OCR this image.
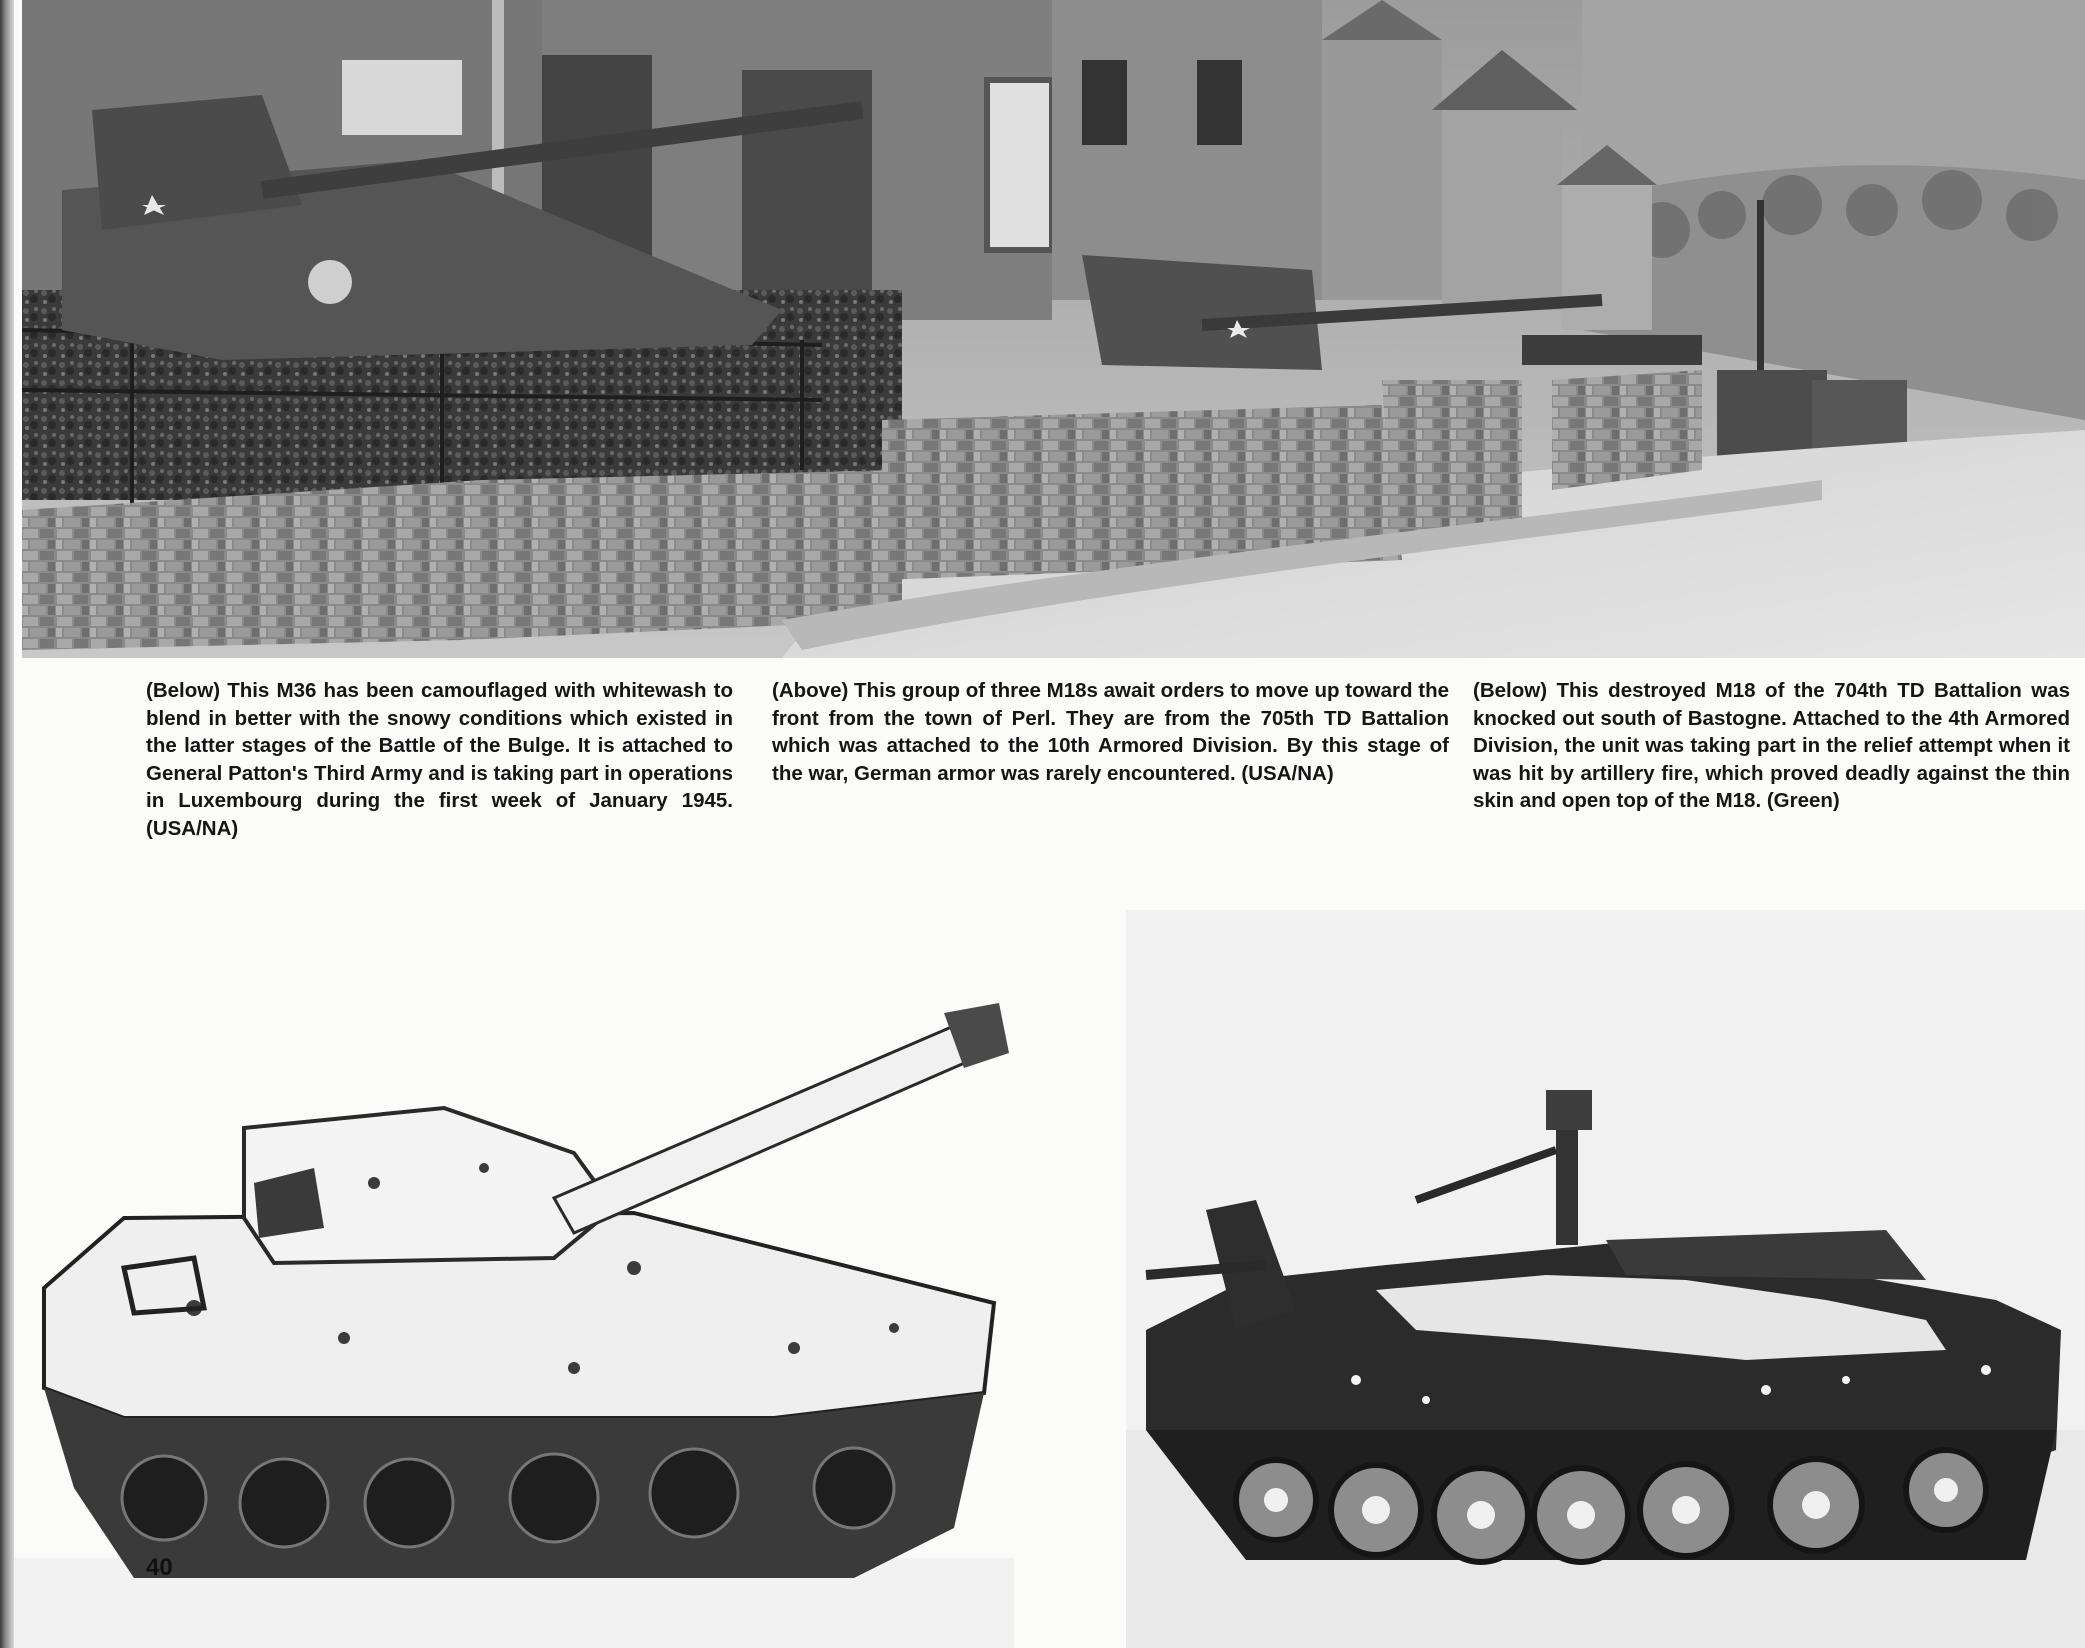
(Below) This M36 has been camouflaged with whitewash to blend in better with the snowy conditions which existed in the latter stages of the Battle of the Bulge. It is attached to General Patton's Third Army and is taking part in operations in Luxembourg during the first week of January 1945. (USA/NA)

(Above) This group of three M18s await orders to move up toward the front from the town of Perl. They are from the 705th TD Battalion which was attached to the 10th Armored Division. By this stage of the war, German armor was rarely encountered. (USA/NA)

(Below) This destroyed M18 of the 704th TD Battalion was knocked out south of Bastogne. Attached to the 4th Armored Division, the unit was taking part in the relief attempt when it was hit by artillery fire, which proved deadly against the thin skin and open top of the M18. (Green)

40
